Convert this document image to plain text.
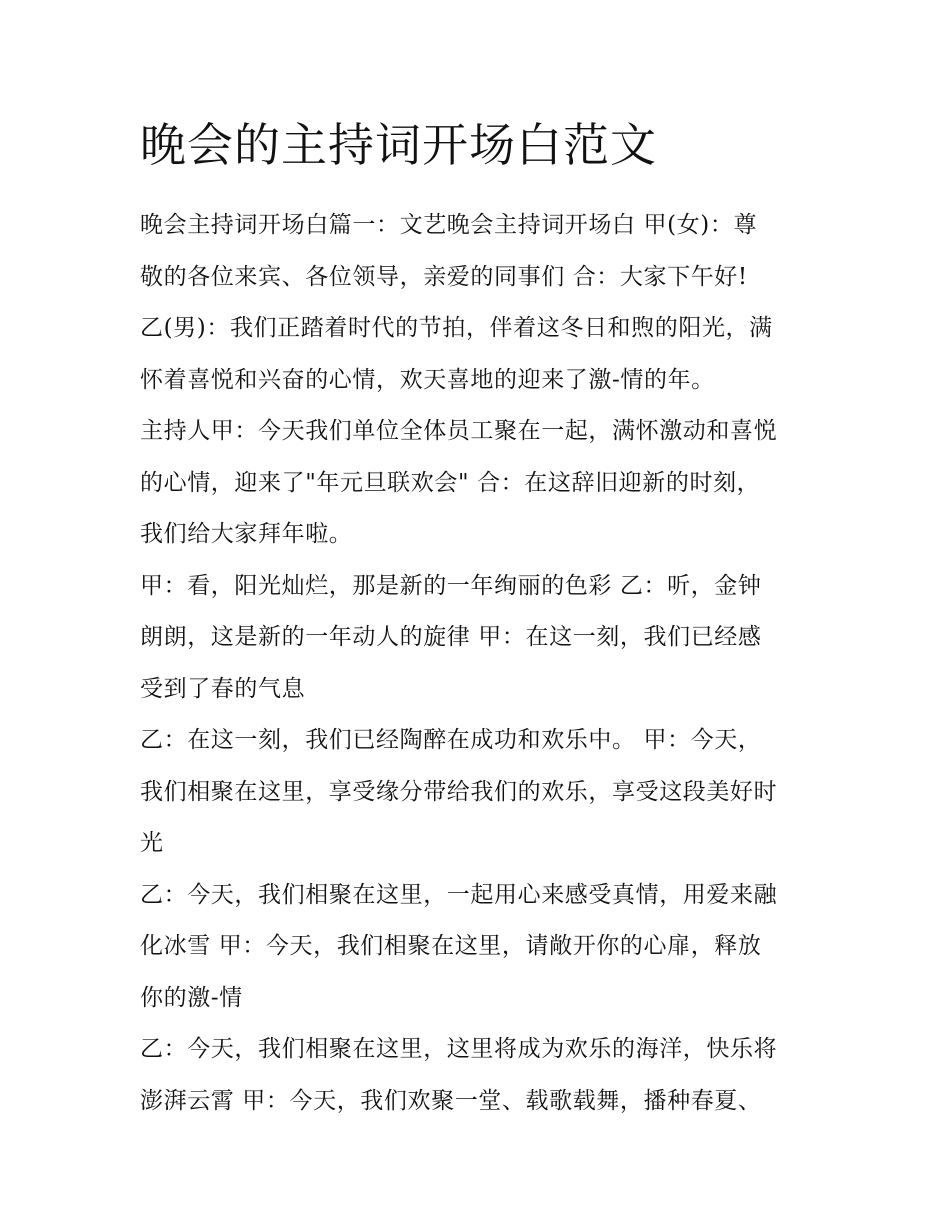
晚会的主持词开场白范文
晚会主持词开场白篇一：文艺晚会主持词开场白 甲(女)：尊
敬的各位来宾、各位领导，亲爱的同事们 合：大家下午好!
乙(男)：我们正踏着时代的节拍，伴着这冬日和煦的阳光，满
怀着喜悦和兴奋的心情，欢天喜地的迎来了激-情的年。
主持人甲：今天我们单位全体员工聚在一起，满怀激动和喜悦
的心情，迎来了"年元旦联欢会" 合：在这辞旧迎新的时刻，
我们给大家拜年啦。
甲：看，阳光灿烂，那是新的一年绚丽的色彩 乙：听，金钟
朗朗，这是新的一年动人的旋律 甲：在这一刻，我们已经感
受到了春的气息
乙：在这一刻，我们已经陶醉在成功和欢乐中。 甲：今天，
我们相聚在这里，享受缘分带给我们的欢乐，享受这段美好时
光
乙：今天，我们相聚在这里，一起用心来感受真情，用爱来融
化冰雪 甲：今天，我们相聚在这里，请敞开你的心扉，释放
你的激-情
乙：今天，我们相聚在这里，这里将成为欢乐的海洋，快乐将
澎湃云霄 甲：今天，我们欢聚一堂、载歌载舞，播种春夏、
